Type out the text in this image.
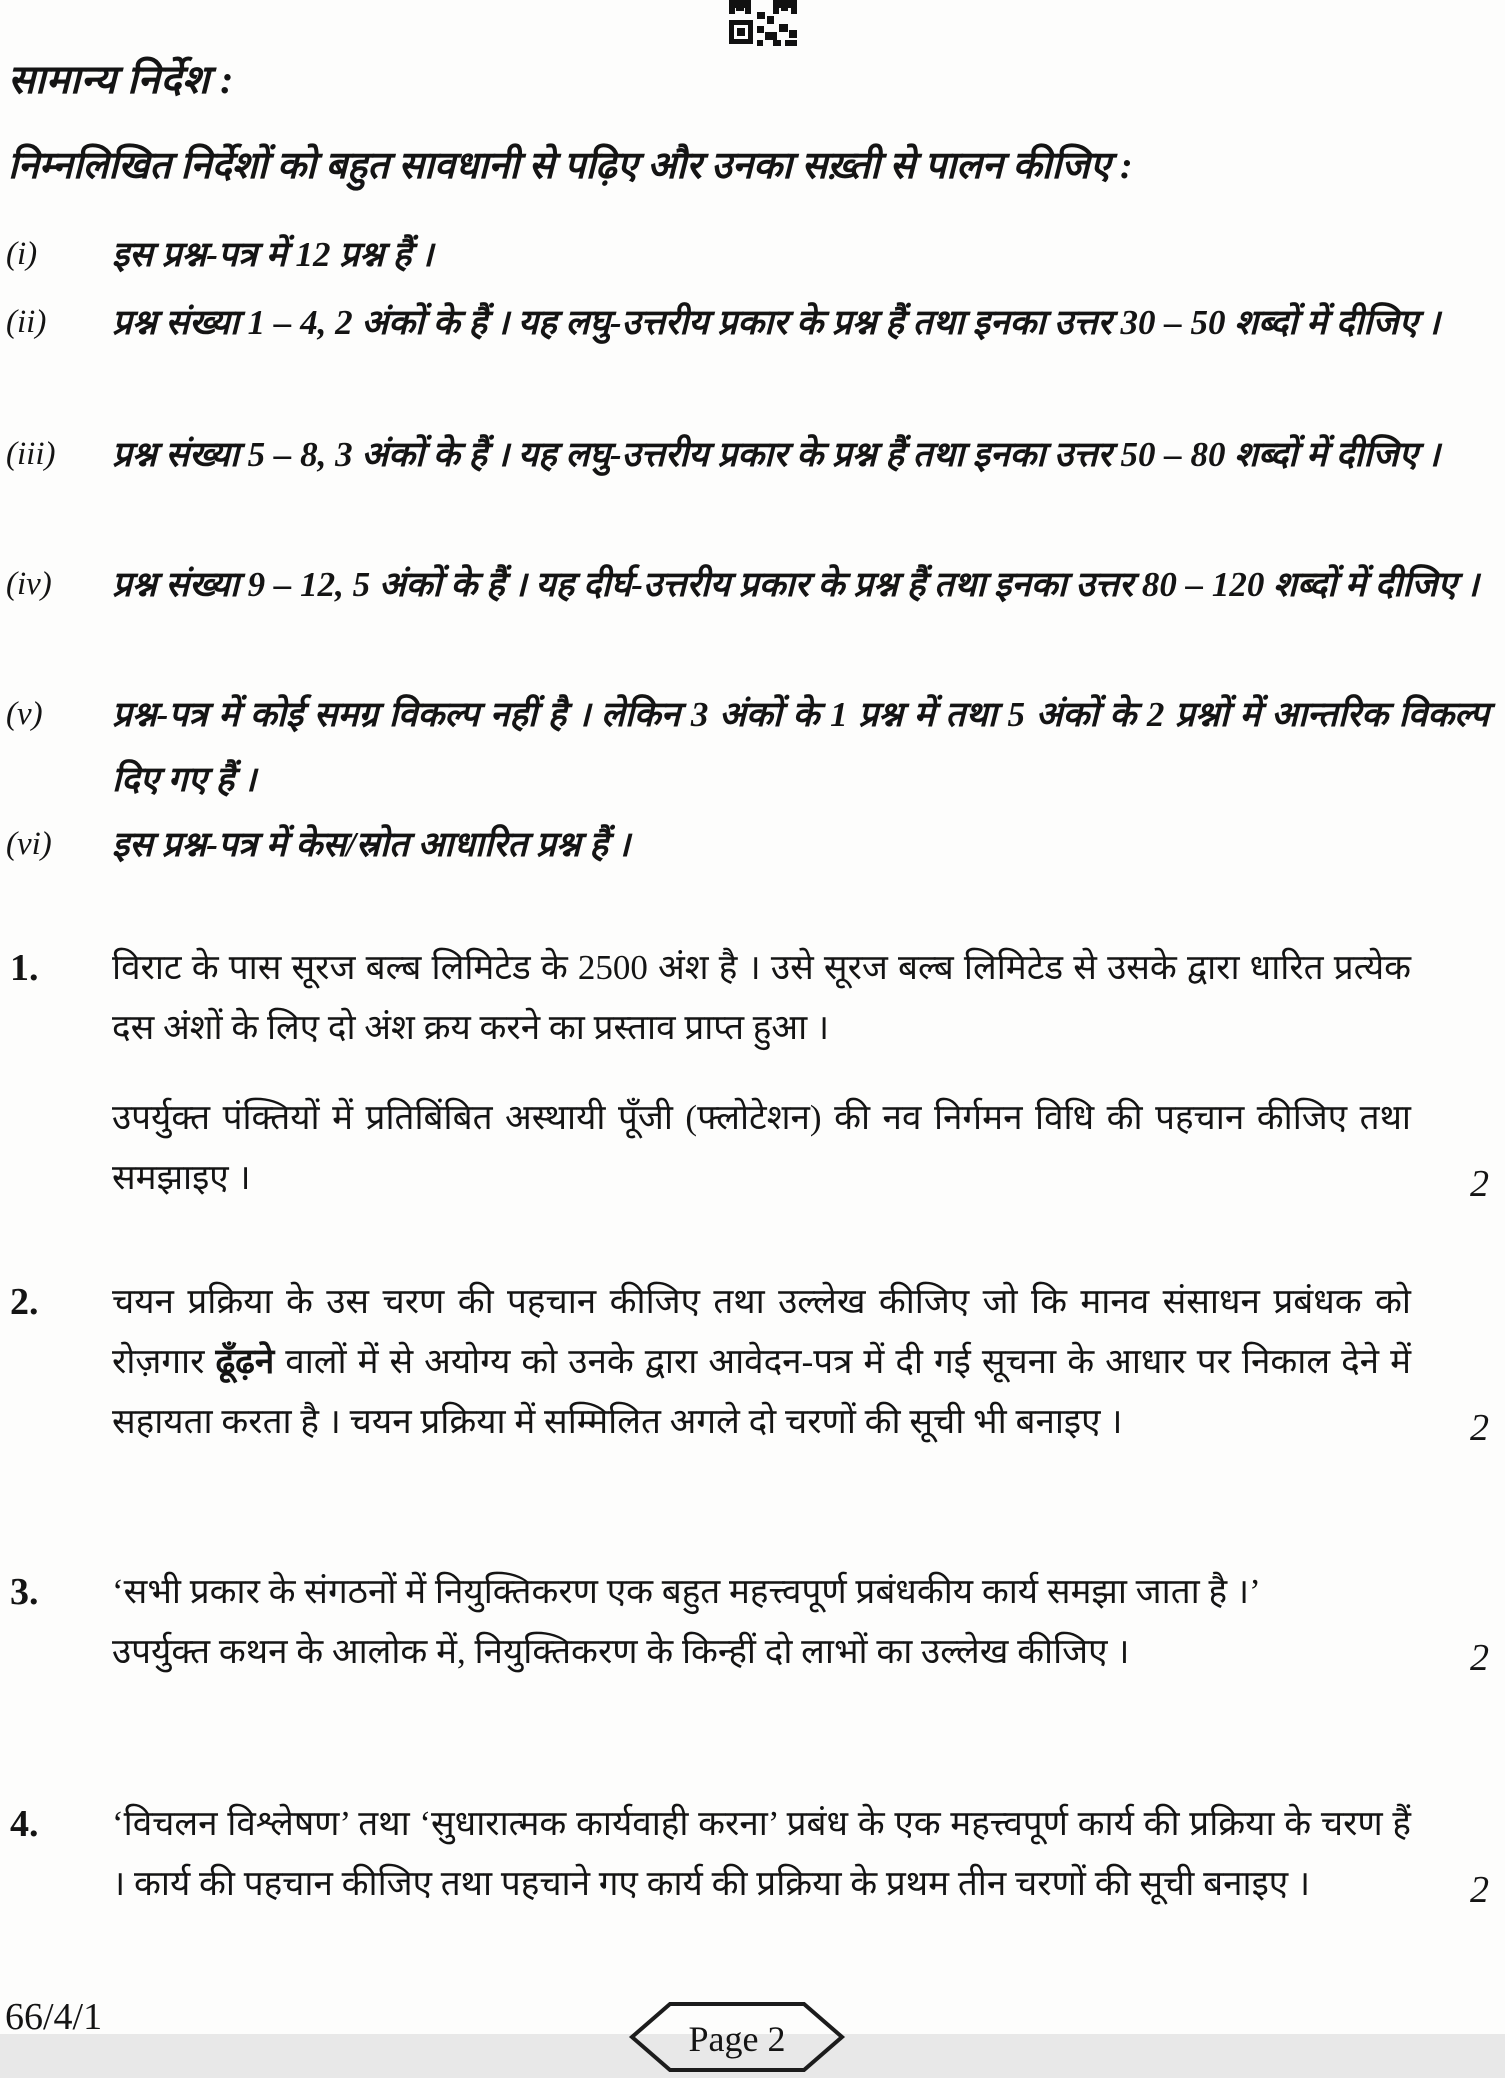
सामान्य निर्देश :
निम्नलिखित निर्देशों को बहुत सावधानी से पढ़िए और उनका सख़्ती से पालन कीजिए :
(i)	इस प्रश्न-पत्र में 12 प्रश्न हैं ।
(ii)	प्रश्न संख्या 1 – 4, 2 अंकों के हैं । यह लघु-उत्तरीय प्रकार के प्रश्न हैं तथा इनका उत्तर 30 – 50 शब्दों में दीजिए ।
(iii)	प्रश्न संख्या 5 – 8, 3 अंकों के हैं । यह लघु-उत्तरीय प्रकार के प्रश्न हैं तथा इनका उत्तर 50 – 80 शब्दों में दीजिए ।
(iv)	प्रश्न संख्या 9 – 12, 5 अंकों के हैं । यह दीर्घ-उत्तरीय प्रकार के प्रश्न हैं तथा इनका उत्तर 80 – 120 शब्दों में दीजिए ।
(v)	प्रश्न-पत्र में कोई समग्र विकल्प नहीं है । लेकिन 3 अंकों के 1 प्रश्न में तथा 5 अंकों के 2 प्रश्नों में आन्तरिक विकल्प दिए गए हैं ।
(vi)	इस प्रश्न-पत्र में केस/स्रोत आधारित प्रश्न हैं ।
1.	विराट के पास सूरज बल्ब लिमिटेड के 2500 अंश है । उसे सूरज बल्ब लिमिटेड से उसके द्वारा धारित प्रत्येक दस अंशों के लिए दो अंश क्रय करने का प्रस्ताव प्राप्त हुआ ।
उपर्युक्त पंक्तियों में प्रतिबिंबित अस्थायी पूँजी (फ्लोटेशन) की नव निर्गमन विधि की पहचान कीजिए तथा समझाइए ।	2
2.	चयन प्रक्रिया के उस चरण की पहचान कीजिए तथा उल्लेख कीजिए जो कि मानव संसाधन प्रबंधक को रोज़गार ढूँढ़ने वालों में से अयोग्य को उनके द्वारा आवेदन-पत्र में दी गई सूचना के आधार पर निकाल देने में सहायता करता है । चयन प्रक्रिया में सम्मिलित अगले दो चरणों की सूची भी बनाइए ।	2
3.	‘सभी प्रकार के संगठनों में नियुक्तिकरण एक बहुत महत्त्वपूर्ण प्रबंधकीय कार्य समझा जाता है ।’
उपर्युक्त कथन के आलोक में, नियुक्तिकरण के किन्हीं दो लाभों का उल्लेख कीजिए ।	2
4.	‘विचलन विश्लेषण’ तथा ‘सुधारात्मक कार्यवाही करना’ प्रबंध के एक महत्त्वपूर्ण कार्य की प्रक्रिया के चरण हैं । कार्य की पहचान कीजिए तथा पहचाने गए कार्य की प्रक्रिया के प्रथम तीन चरणों की सूची बनाइए ।	2
66/4/1
Page 2
